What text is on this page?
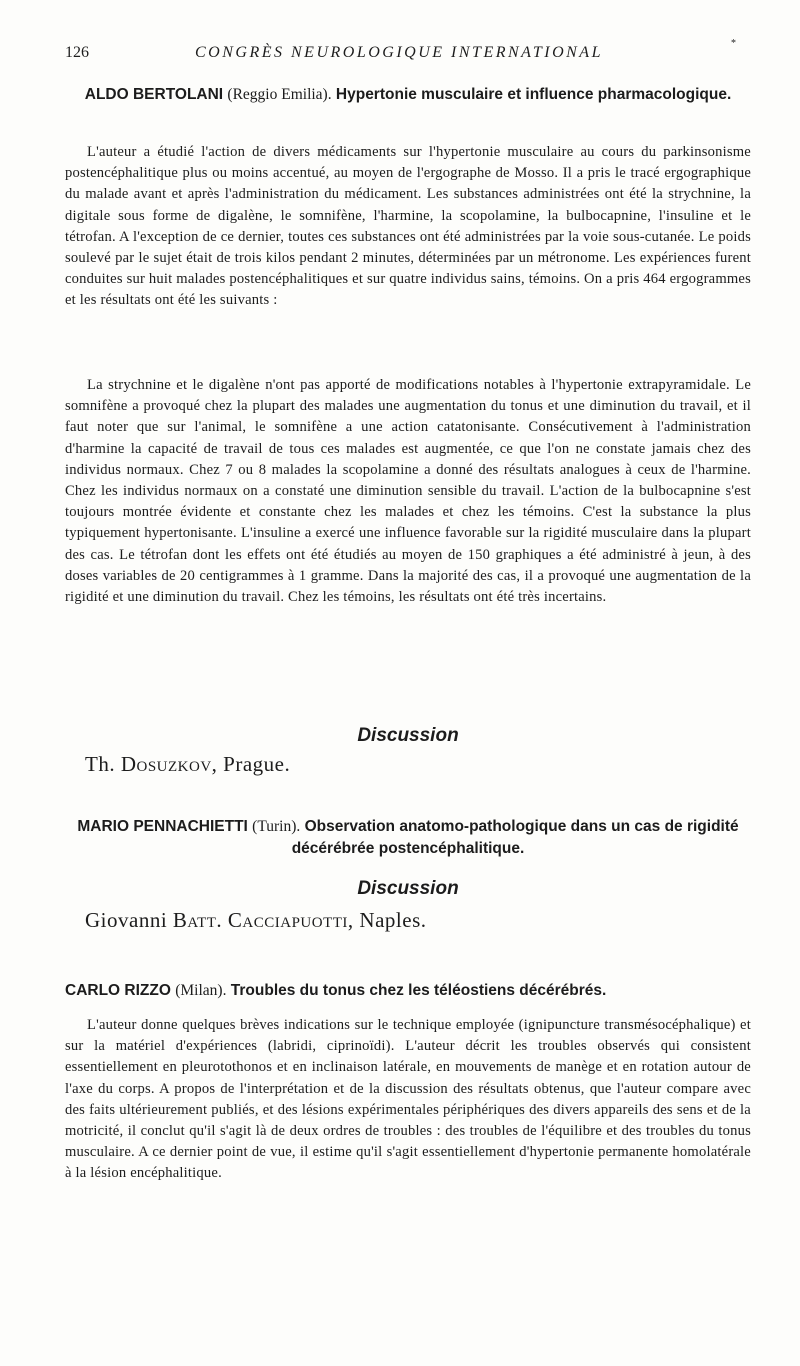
*
126	CONGRÈS NEUROLOGIQUE INTERNATIONAL

ALDO BERTOLANI (Reggio Emilia). Hypertonie musculaire et influence pharmacologique.

L'auteur a étudié l'action de divers médicaments sur l'hypertonie musculaire au cours du parkinsonisme postencéphalitique plus ou moins accentué, au moyen de l'ergographe de Mosso. Il a pris le tracé ergographique du malade avant et après l'administration du médicament. Les substances administrées ont été la strychnine, la digitale sous forme de digalène, le somnifène, l'harmine, la scopolamine, la bulbocapnine, l'insuline et le tétrofan. A l'exception de ce dernier, toutes ces substances ont été administrées par la voie sous-cutanée. Le poids soulevé par le sujet était de trois kilos pendant 2 minutes, déterminées par un métronome. Les expériences furent conduites sur huit malades postencéphalitiques et sur quatre individus sains, témoins. On a pris 464 ergogrammes et les résultats ont été les suivants :

La strychnine et le digalène n'ont pas apporté de modifications notables à l'hypertonie extrapyramidale. Le somnifène a provoqué chez la plupart des malades une augmentation du tonus et une diminution du travail, et il faut noter que sur l'animal, le somnifène a une action catatonisante. Consécutivement à l'administration d'harmine la capacité de travail de tous ces malades est augmentée, ce que l'on ne constate jamais chez des individus normaux. Chez 7 ou 8 malades la scopolamine a donné des résultats analogues à ceux de l'harmine. Chez les individus normaux on a constaté une diminution sensible du travail. L'action de la bulbocapnine s'est toujours montrée évidente et constante chez les malades et chez les témoins. C'est la substance la plus typiquement hypertonisante. L'insuline a exercé une influence favorable sur la rigidité musculaire dans la plupart des cas. Le tétrofan dont les effets ont été étudiés au moyen de 150 graphiques a été administré à jeun, à des doses variables de 20 centigrammes à 1 gramme. Dans la majorité des cas, il a provoqué une augmentation de la rigidité et une diminution du travail. Chez les témoins, les résultats ont été très incertains.

Discussion

Th. Dosuzkov, Prague.

MARIO PENNACHIETTI (Turin). Observation anatomo-pathologique dans un cas de rigidité décérébrée postencéphalitique.

Discussion

Giovanni Batt. Cacciapuotti, Naples.

CARLO RIZZO (Milan). Troubles du tonus chez les téléostiens décérébrés.

L'auteur donne quelques brèves indications sur le technique employée (ignipuncture transmésocéphalique) et sur la matériel d'expériences (labridi, ciprinoïdi). L'auteur décrit les troubles observés qui consistent essentiellement en pleurotothonos et en inclinaison latérale, en mouvements de manège et en rotation autour de l'axe du corps. A propos de l'interprétation et de la discussion des résultats obtenus, que l'auteur compare avec des faits ultérieurement publiés, et des lésions expérimentales périphériques des divers appareils des sens et de la motricité, il conclut qu'il s'agit là de deux ordres de troubles : des troubles de l'équilibre et des troubles du tonus musculaire. A ce dernier point de vue, il estime qu'il s'agit essentiellement d'hypertonie permanente homolatérale à la lésion encéphalitique.
